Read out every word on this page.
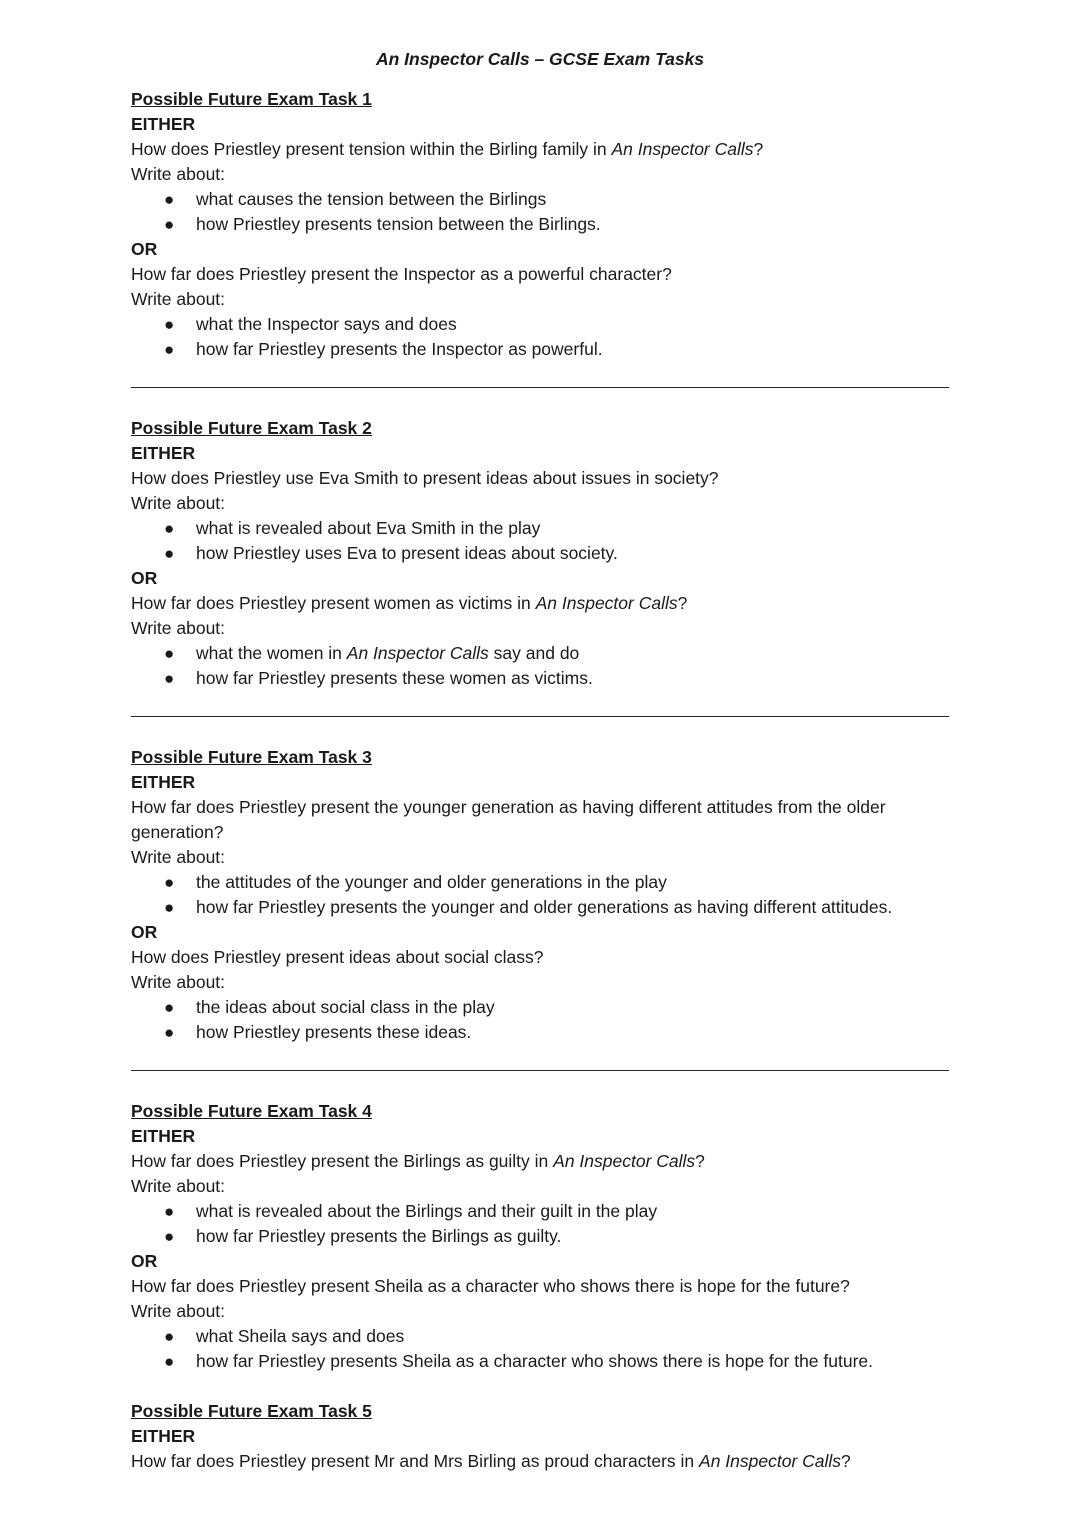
An Inspector Calls – GCSE Exam Tasks
Possible Future Exam Task 1
EITHER
How does Priestley present tension within the Birling family in An Inspector Calls?
Write about:
● what causes the tension between the Birlings
● how Priestley presents tension between the Birlings.
OR
How far does Priestley present the Inspector as a powerful character?
Write about:
● what the Inspector says and does
● how far Priestley presents the Inspector as powerful.
Possible Future Exam Task 2
EITHER
How does Priestley use Eva Smith to present ideas about issues in society?
Write about:
● what is revealed about Eva Smith in the play
● how Priestley uses Eva to present ideas about society.
OR
How far does Priestley present women as victims in An Inspector Calls?
Write about:
● what the women in An Inspector Calls say and do
● how far Priestley presents these women as victims.
Possible Future Exam Task 3
EITHER
How far does Priestley present the younger generation as having different attitudes from the older generation?
Write about:
● the attitudes of the younger and older generations in the play
● how far Priestley presents the younger and older generations as having different attitudes.
OR
How does Priestley present ideas about social class?
Write about:
● the ideas about social class in the play
● how Priestley presents these ideas.
Possible Future Exam Task 4
EITHER
How far does Priestley present the Birlings as guilty in An Inspector Calls?
Write about:
● what is revealed about the Birlings and their guilt in the play
● how far Priestley presents the Birlings as guilty.
OR
How far does Priestley present Sheila as a character who shows there is hope for the future?
Write about:
● what Sheila says and does
● how far Priestley presents Sheila as a character who shows there is hope for the future.
Possible Future Exam Task 5
EITHER
How far does Priestley present Mr and Mrs Birling as proud characters in An Inspector Calls?
